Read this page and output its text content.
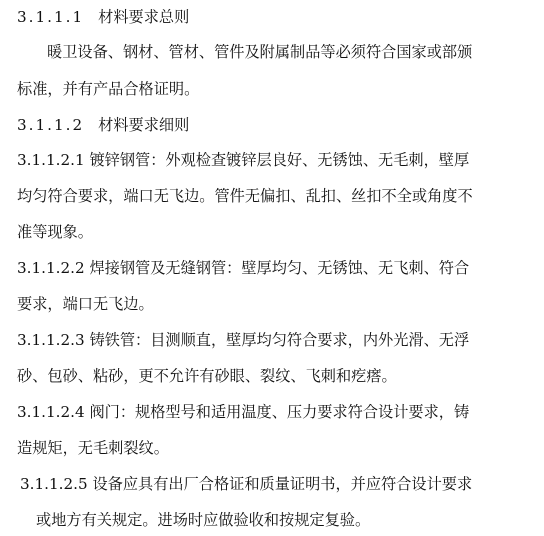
3.1.1.1 材料要求总则
暖卫设备、钢材、管材、管件及附属制品等必须符合国家或部颁
标准，并有产品合格证明。
3.1.1.2 材料要求细则
3.1.1.2.1 镀锌钢管：外观检查镀锌层良好、无锈蚀、无毛刺，壁厚
均匀符合要求，端口无飞边。管件无偏扣、乱扣、丝扣不全或角度不
准等现象。
3.1.1.2.2 焊接钢管及无缝钢管：壁厚均匀、无锈蚀、无飞刺、符合
要求，端口无飞边。
3.1.1.2.3 铸铁管：目测顺直，壁厚均匀符合要求，内外光滑、无浮
砂、包砂、粘砂，更不允许有砂眼、裂纹、飞刺和疙瘩。
3.1.1.2.4 阀门：规格型号和适用温度、压力要求符合设计要求，铸
造规矩，无毛刺裂纹。
3.1.1.2.5 设备应具有出厂合格证和质量证明书，并应符合设计要求
或地方有关规定。进场时应做验收和按规定复验。
